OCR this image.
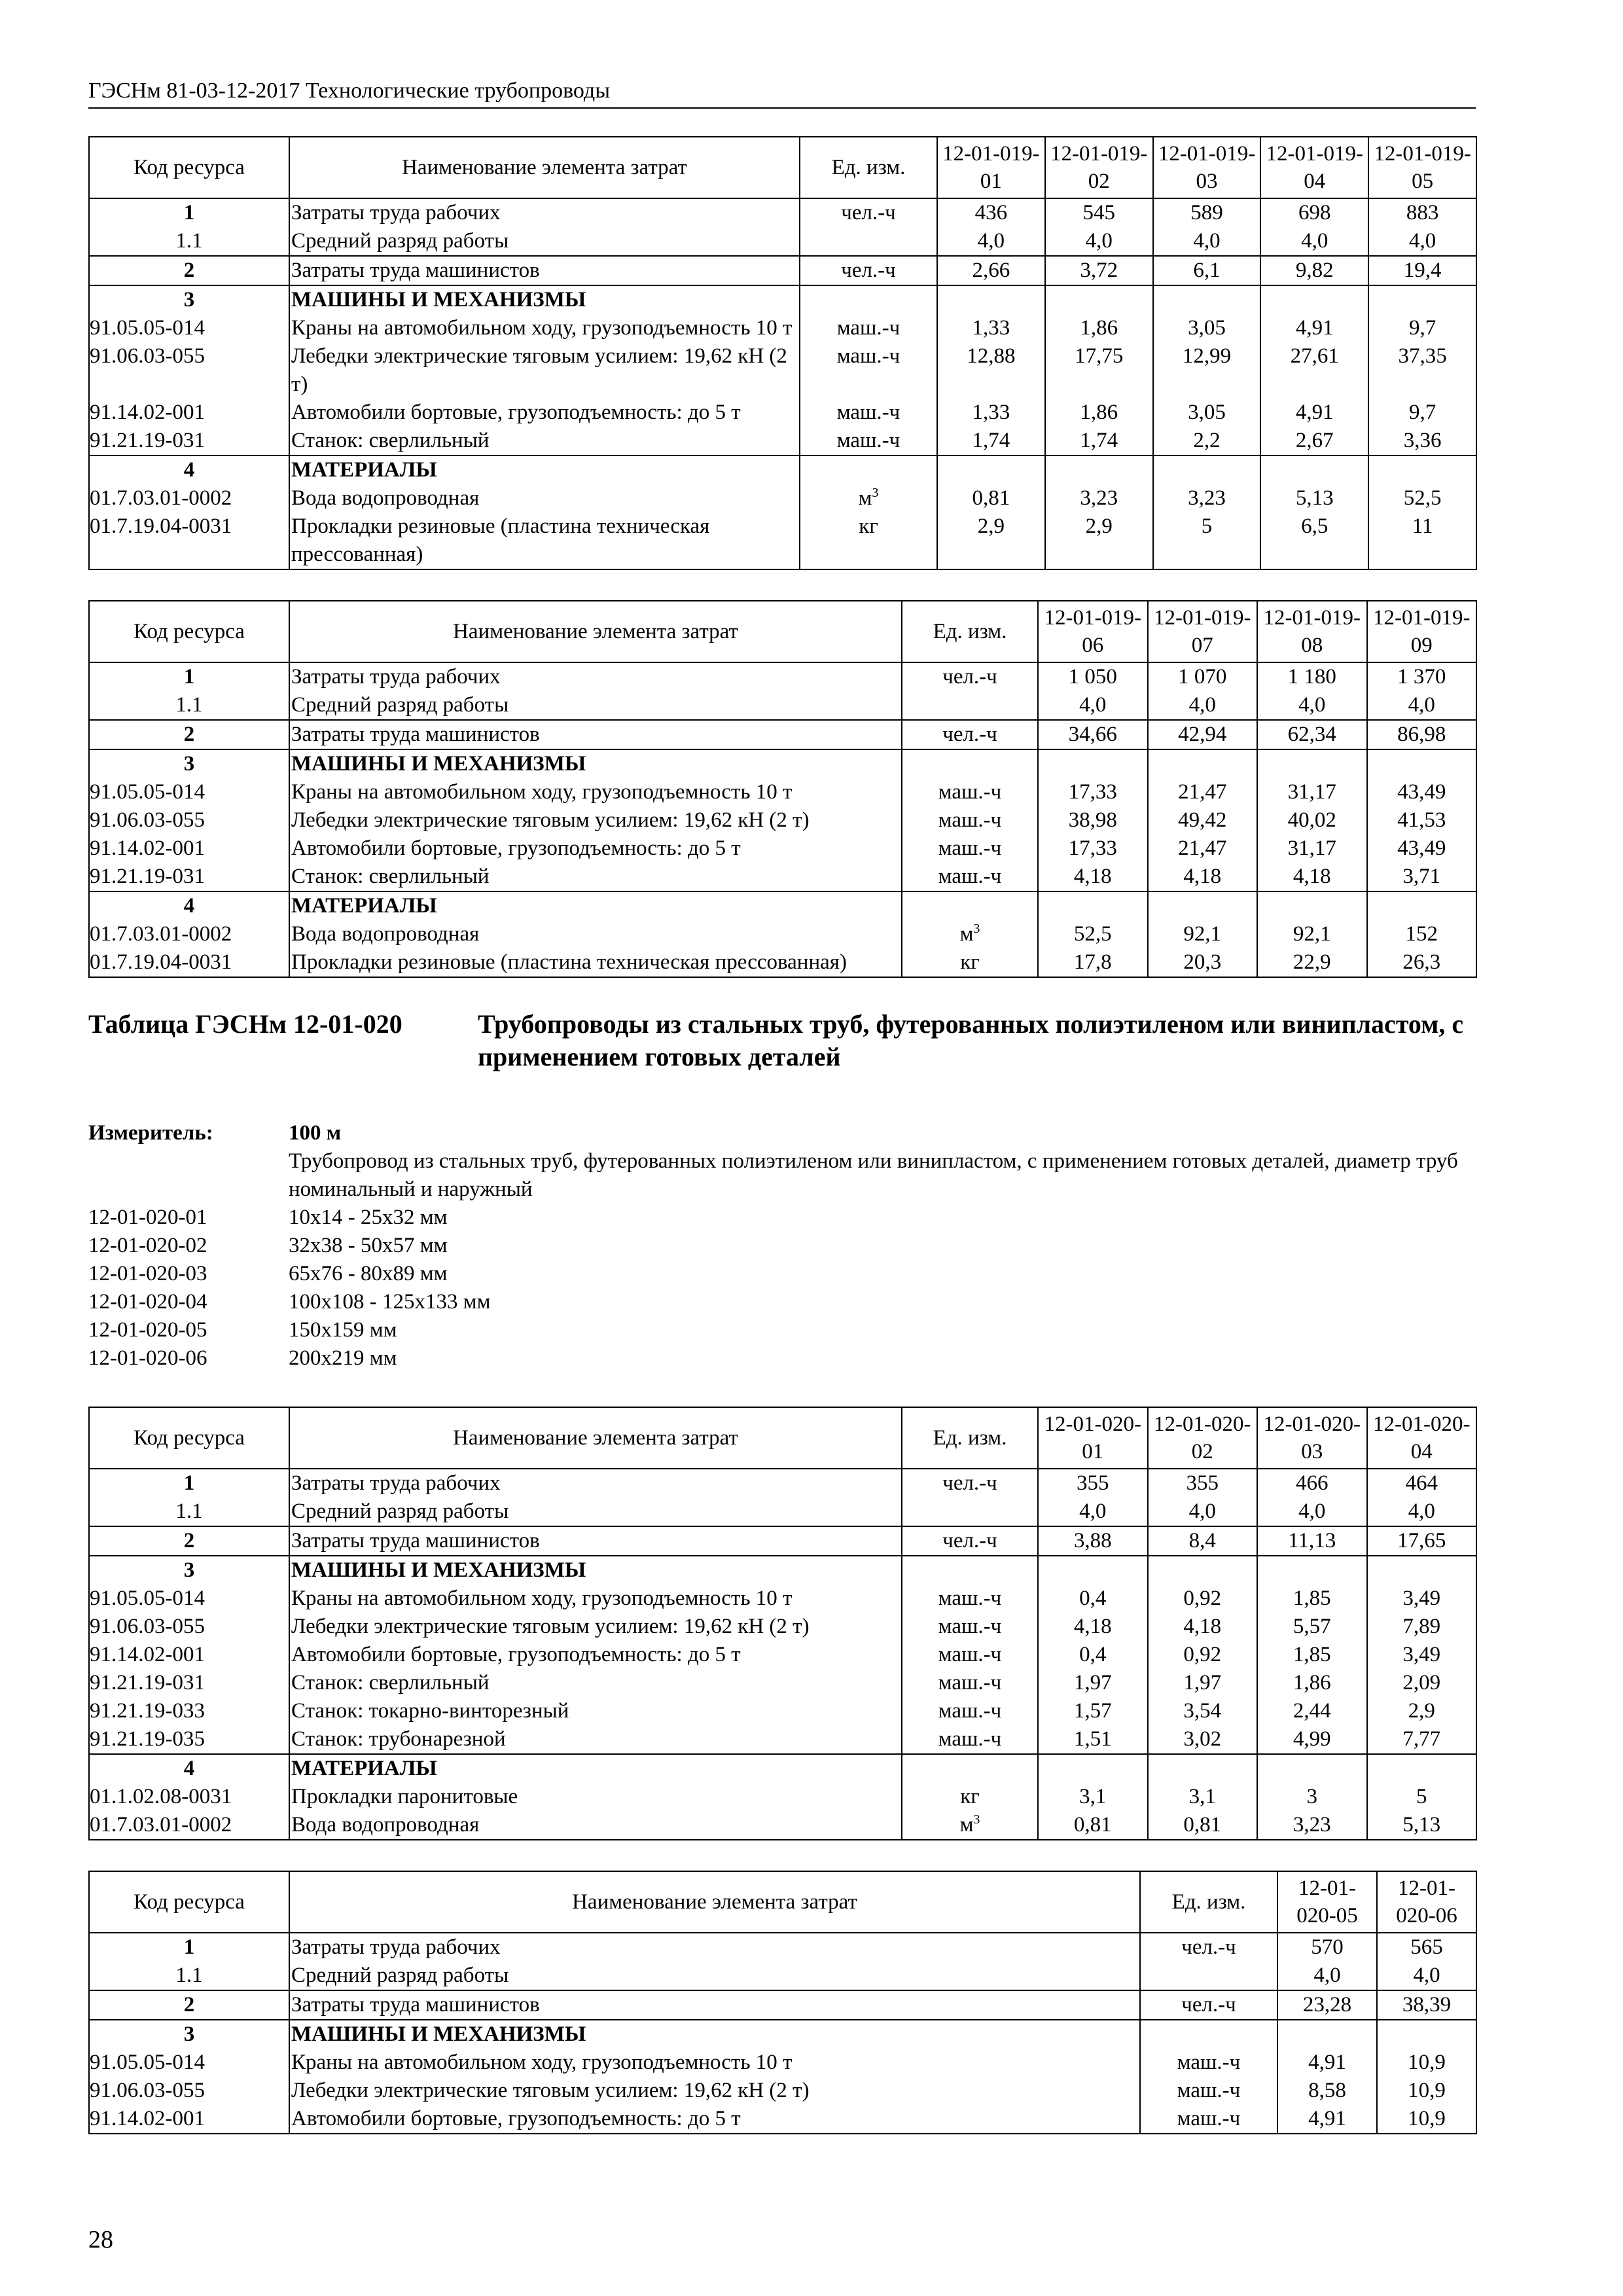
ГЭСНм 81-03-12-2017 Технологические трубопроводы
Код ресурса	Наименование элемента затрат	Ед. изм.	12-01-019-01	12-01-019-02	12-01-019-03	12-01-019-04	12-01-019-05
1	Затраты труда рабочих	чел.-ч	436	545	589	698	883
1.1	Средний разряд работы		4,0	4,0	4,0	4,0	4,0
2	Затраты труда машинистов	чел.-ч	2,66	3,72	6,1	9,82	19,4
3	МАШИНЫ И МЕХАНИЗМЫ						
91.05.05-014	Краны на автомобильном ходу, грузоподъемность 10 т	маш.-ч	1,33	1,86	3,05	4,91	9,7
91.06.03-055	Лебедки электрические тяговым усилием: 19,62 кН (2 т)	маш.-ч	12,88	17,75	12,99	27,61	37,35
91.14.02-001	Автомобили бортовые, грузоподъемность: до 5 т	маш.-ч	1,33	1,86	3,05	4,91	9,7
91.21.19-031	Станок: сверлильный	маш.-ч	1,74	1,74	2,2	2,67	3,36
4	МАТЕРИАЛЫ						
01.7.03.01-0002	Вода водопроводная	$м^3$	0,81	3,23	3,23	5,13	52,5
01.7.19.04-0031	Прокладки резиновые (пластина техническая прессованная)	кг	2,9	2,9	5	6,5	11
Код ресурса	Наименование элемента затрат	Ед. изм.	12-01-019-06	12-01-019-07	12-01-019-08	12-01-019-09
1	Затраты труда рабочих	чел.-ч	1 050	1 070	1 180	1 370
1.1	Средний разряд работы		4,0	4,0	4,0	4,0
2	Затраты труда машинистов	чел.-ч	34,66	42,94	62,34	86,98
3	МАШИНЫ И МЕХАНИЗМЫ					
91.05.05-014	Краны на автомобильном ходу, грузоподъемность 10 т	маш.-ч	17,33	21,47	31,17	43,49
91.06.03-055	Лебедки электрические тяговым усилием: 19,62 кН (2 т)	маш.-ч	38,98	49,42	40,02	41,53
91.14.02-001	Автомобили бортовые, грузоподъемность: до 5 т	маш.-ч	17,33	21,47	31,17	43,49
91.21.19-031	Станок: сверлильный	маш.-ч	4,18	4,18	4,18	3,71
4	МАТЕРИАЛЫ					
01.7.03.01-0002	Вода водопроводная	$м^3$	52,5	92,1	92,1	152
01.7.19.04-0031	Прокладки резиновые (пластина техническая прессованная)	кг	17,8	20,3	22,9	26,3
Таблица ГЭСНм 12-01-020	Трубопроводы из стальных труб, футерованных полиэтиленом или винипластом, с применением готовых деталей
Измеритель:	100 м
Трубопровод из стальных труб, футерованных полиэтиленом или винипластом, с применением готовых деталей, диаметр труб номинальный и наружный
12-01-020-01	10x14 - 25x32 мм
12-01-020-02	32x38 - 50x57 мм
12-01-020-03	65x76 - 80x89 мм
12-01-020-04	100x108 - 125x133 мм
12-01-020-05	150x159 мм
12-01-020-06	200x219 мм
Код ресурса	Наименование элемента затрат	Ед. изм.	12-01-020-01	12-01-020-02	12-01-020-03	12-01-020-04
1	Затраты труда рабочих	чел.-ч	355	355	466	464
1.1	Средний разряд работы		4,0	4,0	4,0	4,0
2	Затраты труда машинистов	чел.-ч	3,88	8,4	11,13	17,65
3	МАШИНЫ И МЕХАНИЗМЫ					
91.05.05-014	Краны на автомобильном ходу, грузоподъемность 10 т	маш.-ч	0,4	0,92	1,85	3,49
91.06.03-055	Лебедки электрические тяговым усилием: 19,62 кН (2 т)	маш.-ч	4,18	4,18	5,57	7,89
91.14.02-001	Автомобили бортовые, грузоподъемность: до 5 т	маш.-ч	0,4	0,92	1,85	3,49
91.21.19-031	Станок: сверлильный	маш.-ч	1,97	1,97	1,86	2,09
91.21.19-033	Станок: токарно-винторезный	маш.-ч	1,57	3,54	2,44	2,9
91.21.19-035	Станок: трубонарезной	маш.-ч	1,51	3,02	4,99	7,77
4	МАТЕРИАЛЫ					
01.1.02.08-0031	Прокладки паронитовые	кг	3,1	3,1	3	5
01.7.03.01-0002	Вода водопроводная	$м^3$	0,81	0,81	3,23	5,13
Код ресурса	Наименование элемента затрат	Ед. изм.	12-01-020-05	12-01-020-06
1	Затраты труда рабочих	чел.-ч	570	565
1.1	Средний разряд работы		4,0	4,0
2	Затраты труда машинистов	чел.-ч	23,28	38,39
3	МАШИНЫ И МЕХАНИЗМЫ			
91.05.05-014	Краны на автомобильном ходу, грузоподъемность 10 т	маш.-ч	4,91	10,9
91.06.03-055	Лебедки электрические тяговым усилием: 19,62 кН (2 т)	маш.-ч	8,58	10,9
91.14.02-001	Автомобили бортовые, грузоподъемность: до 5 т	маш.-ч	4,91	10,9
28
